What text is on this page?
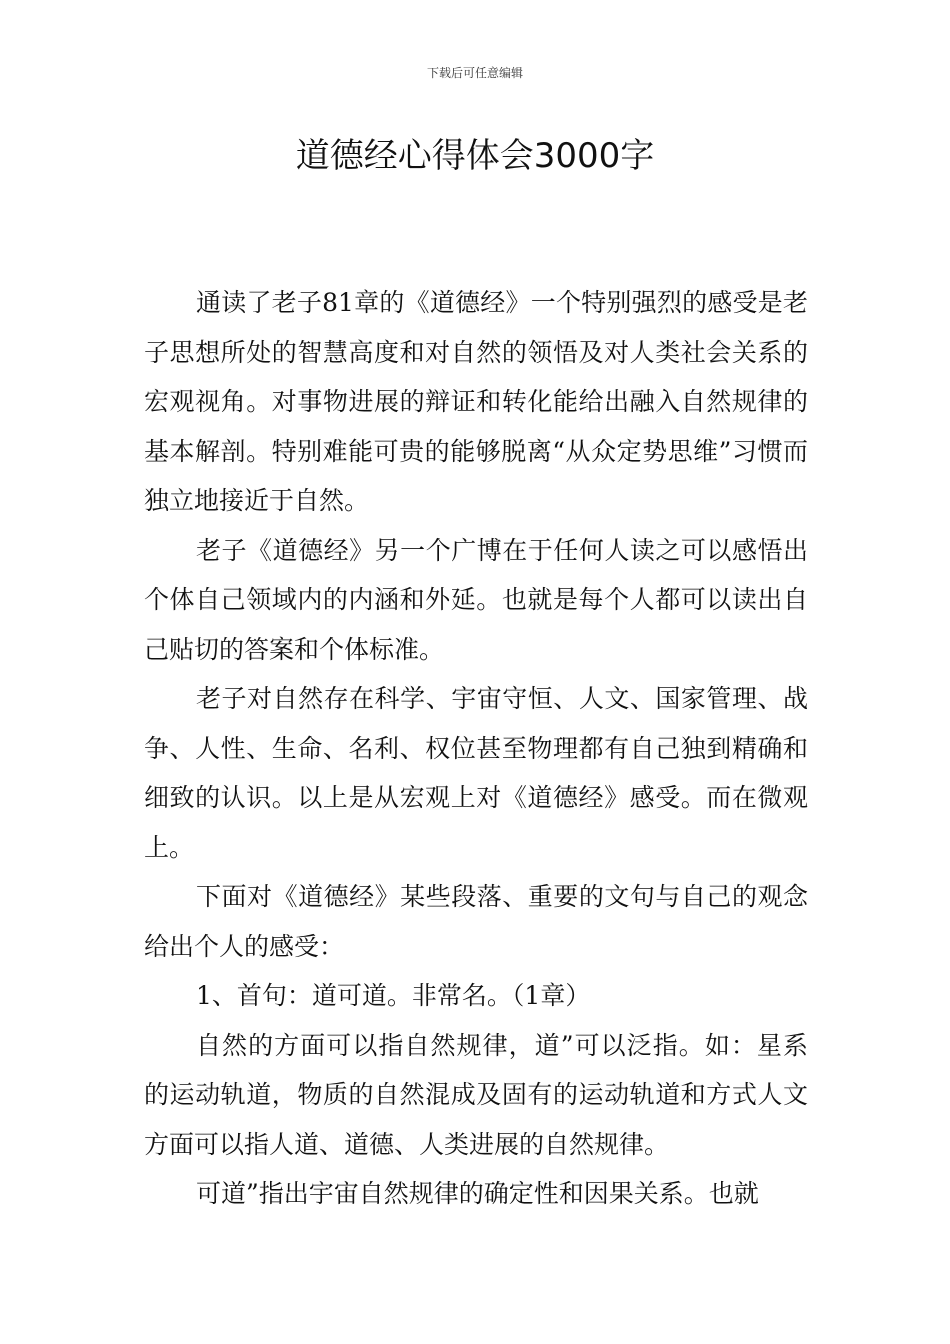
下载后可任意编辑
道德经心得体会3000字

通读了老子81章的《道德经》一个特别强烈的感受是老子思想所处的智慧高度和对自然的领悟及对人类社会关系的宏观视角。对事物进展的辩证和转化能给出融入自然规律的基本解剖。特别难能可贵的能够脱离“从众定势思维”习惯而独立地接近于自然。

老子《道德经》另一个广博在于任何人读之可以感悟出个体自己领域内的内涵和外延。也就是每个人都可以读出自己贴切的答案和个体标准。

老子对自然存在科学、宇宙守恒、人文、国家管理、战争、人性、生命、名利、权位甚至物理都有自己独到精确和细致的认识。以上是从宏观上对《道德经》感受。而在微观上。

下面对《道德经》某些段落、重要的文句与自己的观念给出个人的感受：

1、首句：道可道。非常名。（1章）

自然的方面可以指自然规律，道”可以泛指。如：星系的运动轨道，物质的自然混成及固有的运动轨道和方式人文方面可以指人道、道德、人类进展的自然规律。

可道”指出宇宙自然规律的确定性和因果关系。也就
